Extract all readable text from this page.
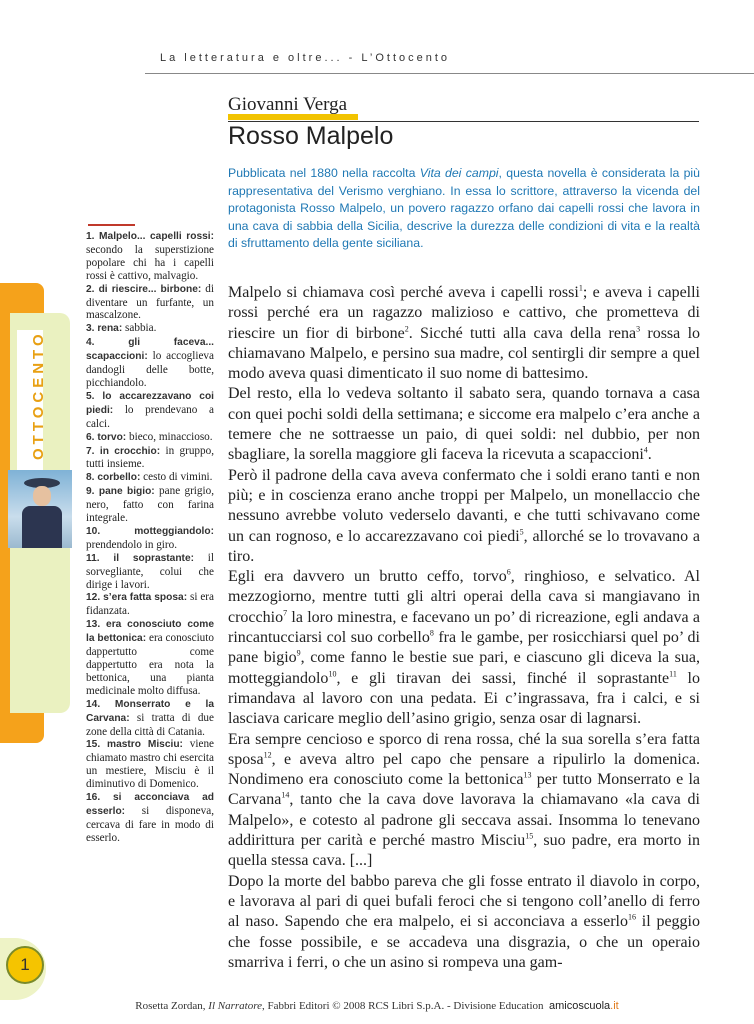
La letteratura e oltre... - L’Ottocento
Giovanni Verga
Rosso Malpelo
Pubblicata nel 1880 nella raccolta Vita dei campi, questa novella è considerata la più rappresentativa del Verismo verghiano. In essa lo scrittore, attraverso la vicenda del protagonista Rosso Malpelo, un povero ragazzo orfano dai capelli rossi che lavora in una cava di sabbia della Sicilia, descrive la durezza delle condizioni di vita e la realtà di sfruttamento della gente siciliana.

Malpelo si chiamava così perché aveva i capelli rossi$^1$; e aveva i capelli rossi perché era un ragazzo malizioso e cattivo, che prometteva di riescire un fior di birbone$^2$. Sicché tutti alla cava della rena$^3$ rossa lo chiamavano Malpelo, e persino sua madre, col sentirgli dir sempre a quel modo aveva quasi dimenticato il suo nome di battesimo.

Del resto, ella lo vedeva soltanto il sabato sera, quando tornava a casa con quei pochi soldi della settimana; e siccome era malpelo c’era anche a temere che ne sottraesse un paio, di quei soldi: nel dubbio, per non sbagliare, la sorella maggiore gli faceva la ricevuta a scapaccioni$^4$.

Però il padrone della cava aveva confermato che i soldi erano tanti e non più; e in coscienza erano anche troppi per Malpelo, un monellaccio che nessuno avrebbe voluto vederselo davanti, e che tutti schivavano come un can rognoso, e lo accarezzavano coi piedi$^5$, allorché se lo trovavano a tiro.

Egli era davvero un brutto ceffo, torvo$^6$, ringhioso, e selvatico. Al mezzogiorno, mentre tutti gli altri operai della cava si mangiavano in crocchio$^7$ la loro minestra, e facevano un po’ di ricreazione, egli andava a rincantucciarsi col suo corbello$^8$ fra le gambe, per rosicchiarsi quel po’ di pane bigio$^9$, come fanno le bestie sue pari, e ciascuno gli diceva la sua, motteggiandolo$^{10}$, e gli tiravan dei sassi, finché il soprastante$^{11}$ lo rimandava al lavoro con una pedata. Ei c’ingrassava, fra i calci, e si lasciava caricare meglio dell’asino grigio, senza osar di lagnarsi.

Era sempre cencioso e sporco di rena rossa, ché la sua sorella s’era fatta sposa$^{12}$, e aveva altro pel capo che pensare a ripulirlo la domenica. Nondimeno era conosciuto come la bettonica$^{13}$ per tutto Monserrato e la Carvana$^{14}$, tanto che la cava dove lavorava la chiamavano «la cava di Malpelo», e cotesto al padrone gli seccava assai. Insomma lo tenevano addirittura per carità e perché mastro Misciu$^{15}$, suo padre, era morto in quella stessa cava. [...]

Dopo la morte del babbo pareva che gli fosse entrato il diavolo in corpo, e lavorava al pari di quei bufali feroci che si tengono coll’anello di ferro al naso. Sapendo che era malpelo, ei si acconciava a esserlo$^{16}$ il peggio che fosse possibile, e se accadeva una disgrazia, o che un operaio smarriva i ferri, o che un asino si rompeva una gam-

1. Malpelo... capelli rossi: secondo la superstizione popolare chi ha i capelli rossi è cattivo, malvagio.

2. di riescire... birbone: di diventare un furfante, un mascalzone.

3. rena: sabbia.

4. gli faceva... scapaccioni: lo accoglieva dandogli delle botte, picchiandolo.

5. lo accarezzavano coi piedi: lo prendevano a calci.

6. torvo: bieco, minaccioso.

7. in crocchio: in gruppo, tutti insieme.

8. corbello: cesto di vimini.

9. pane bigio: pane grigio, nero, fatto con farina integrale.

10. motteggiandolo: prendendolo in giro.

11. il soprastante: il sorvegliante, colui che dirige i lavori.

12. s’era fatta sposa: si era fidanzata.

13. era conosciuto come la bettonica: era conosciuto dappertutto come dappertutto era nota la bettonica, una pianta medicinale molto diffusa.

14. Monserrato e la Carvana: si tratta di due zone della città di Catania.

15. mastro Misciu: viene chiamato mastro chi esercita un mestiere, Misciu è il diminutivo di Domenico.

16. si acconciava ad esserlo: si disponeva, cercava di fare in modo di esserlo.

OTTOCENTO
1
Rosetta Zordan, Il Narratore, Fabbri Editori © 2008 RCS Libri S.p.A. - Divisione Education amicoscuola.it
